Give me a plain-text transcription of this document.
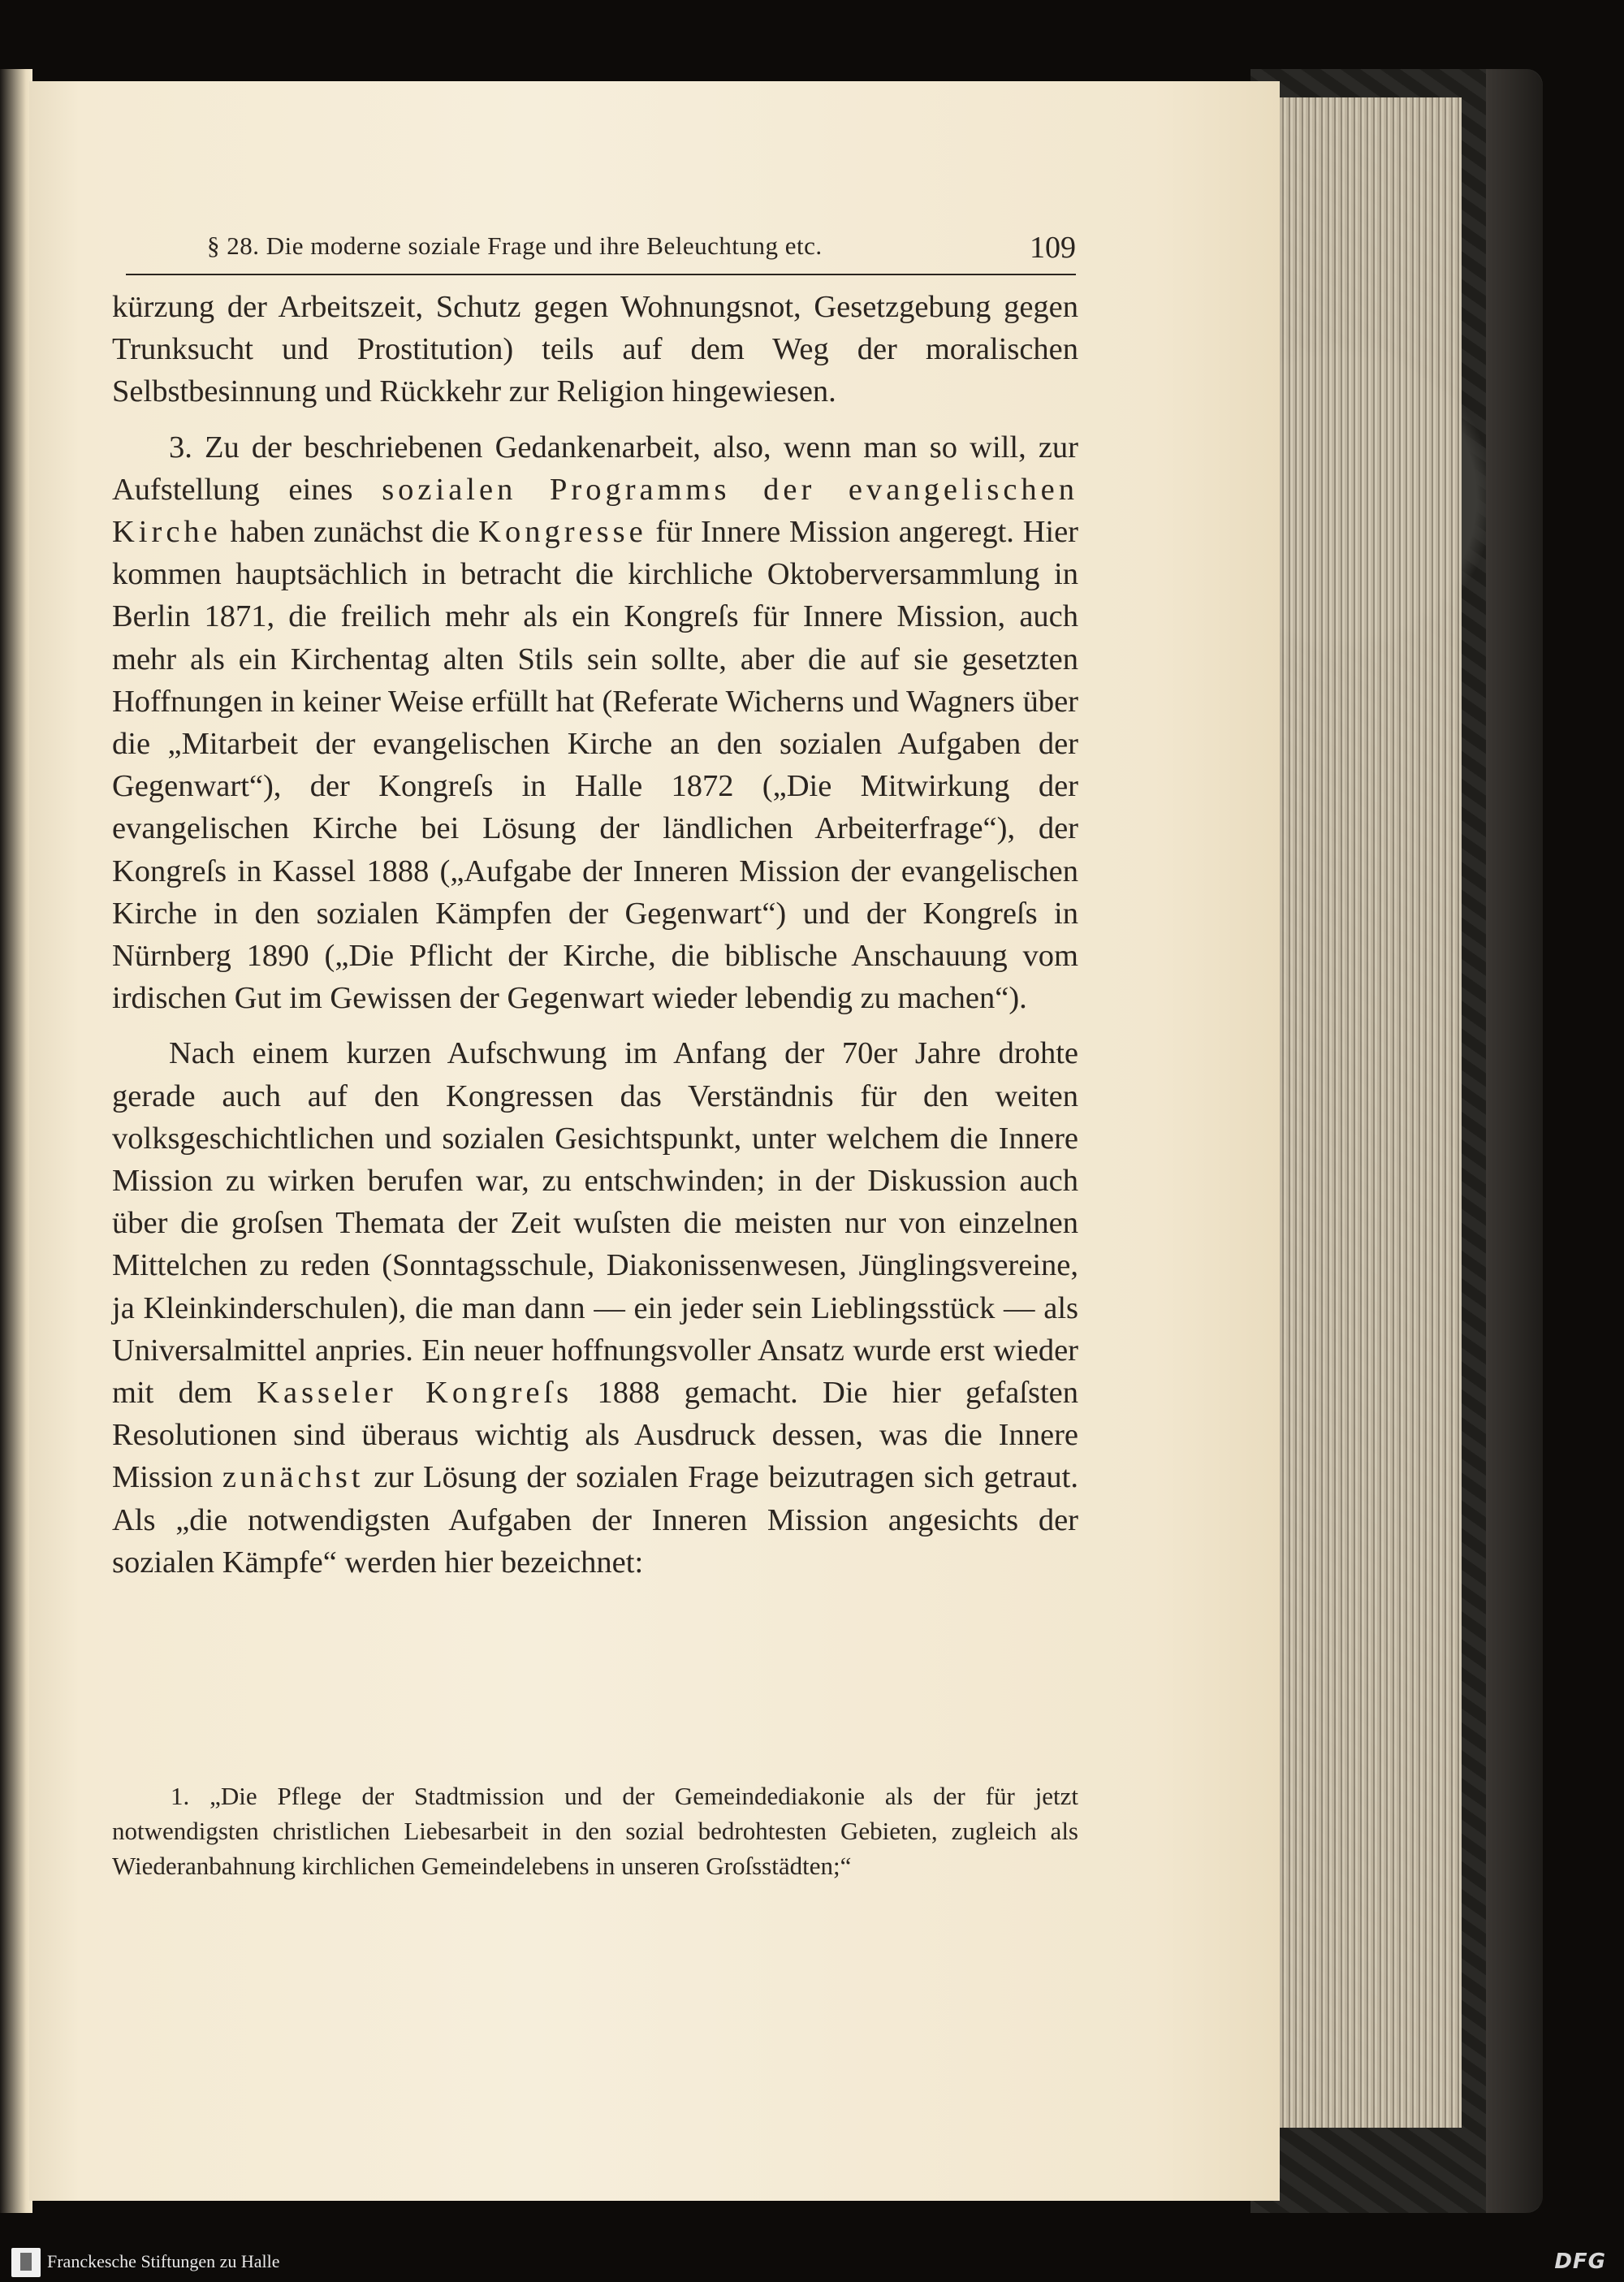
§ 28. Die moderne soziale Frage und ihre Beleuchtung etc.	109

kürzung der Arbeitszeit, Schutz gegen Wohnungsnot, Gesetzgebung gegen Trunksucht und Prostitution) teils auf dem Weg der moralischen Selbstbesinnung und Rückkehr zur Religion hingewiesen.

3. Zu der beschriebenen Gedankenarbeit, also, wenn man so will, zur Aufstellung eines sozialen Programms der evangelischen Kirche haben zunächst die Kongresse für Innere Mission angeregt. Hier kommen hauptsächlich in betracht die kirchliche Oktoberversammlung in Berlin 1871, die freilich mehr als ein Kongreſs für Innere Mission, auch mehr als ein Kirchentag alten Stils sein sollte, aber die auf sie gesetzten Hoffnungen in keiner Weise erfüllt hat (Referate Wicherns und Wagners über die „Mitarbeit der evangelischen Kirche an den sozialen Aufgaben der Gegenwart“), der Kongreſs in Halle 1872 („Die Mitwirkung der evangelischen Kirche bei Lösung der ländlichen Arbeiterfrage“), der Kongreſs in Kassel 1888 („Aufgabe der Inneren Mission der evangelischen Kirche in den sozialen Kämpfen der Gegenwart“) und der Kongreſs in Nürnberg 1890 („Die Pflicht der Kirche, die biblische Anschauung vom irdischen Gut im Gewissen der Gegenwart wieder lebendig zu machen“).

Nach einem kurzen Aufschwung im Anfang der 70er Jahre drohte gerade auch auf den Kongressen das Verständnis für den weiten volksgeschichtlichen und sozialen Gesichtspunkt, unter welchem die Innere Mission zu wirken berufen war, zu entschwinden; in der Diskussion auch über die groſsen Themata der Zeit wuſsten die meisten nur von einzelnen Mittelchen zu reden (Sonntagsschule, Diakonissenwesen, Jünglingsvereine, ja Kleinkinderschulen), die man dann — ein jeder sein Lieblingsstück — als Universalmittel anpries. Ein neuer hoffnungsvoller Ansatz wurde erst wieder mit dem Kasseler Kongreſs 1888 gemacht. Die hier gefaſsten Resolutionen sind überaus wichtig als Ausdruck dessen, was die Innere Mission zunächst zur Lösung der sozialen Frage beizutragen sich getraut. Als „die notwendigsten Aufgaben der Inneren Mission angesichts der sozialen Kämpfe“ werden hier bezeichnet:

1. „Die Pflege der Stadtmission und der Gemeindediakonie als der für jetzt notwendigsten christlichen Liebesarbeit in den sozial bedrohtesten Gebieten, zugleich als Wiederanbahnung kirchlichen Gemeindelebens in unseren Groſsstädten;“

Franckesche Stiftungen zu Halle	DFG
